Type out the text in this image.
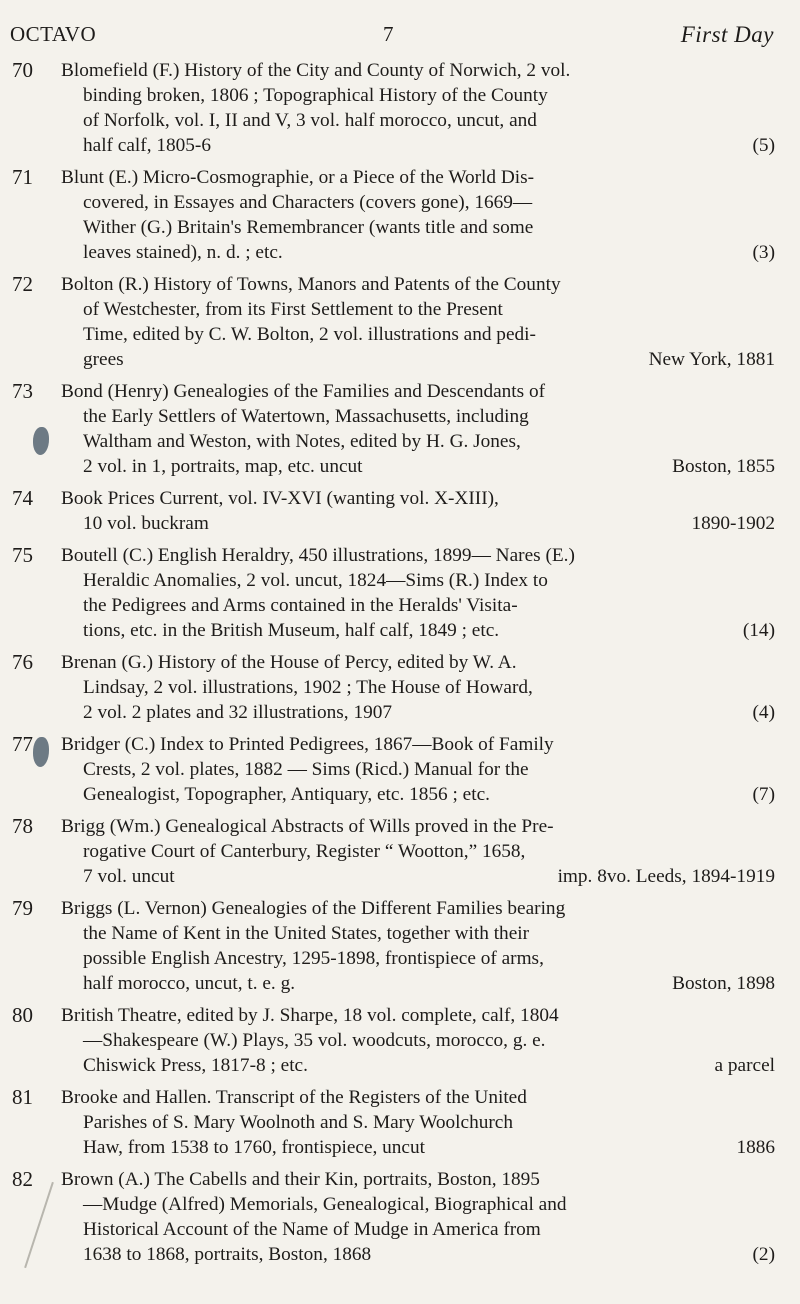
OCTAVO	7	First Day
70 Blomefield (F.) History of the City and County of Norwich, 2 vol.
binding broken, 1806 ; Topographical History of the County
of Norfolk, vol. I, II and V, 3 vol. half morocco, uncut, and
(5)
half calf, 1805-6
71 Blunt (E.) Micro-Cosmographie, or a Piece of the World Dis-
covered, in Essayes and Characters (covers gone), 1669—
Wither (G.) Britain's Remembrancer (wants title and some
(3)
leaves stained), n. d. ; etc.
72 Bolton (R.) History of Towns, Manors and Patents of the County
of Westchester, from its First Settlement to the Present
Time, edited by C. W. Bolton, 2 vol. illustrations and pedi-
New York, 1881
grees
73 Bond (Henry) Genealogies of the Families and Descendants of
the Early Settlers of Watertown, Massachusetts, including
Waltham and Weston, with Notes, edited by H. G. Jones,
Boston, 1855
2 vol. in 1, portraits, map, etc. uncut
74 Book Prices Current, vol. IV-XVI (wanting vol. X-XIII),
1890-1902
10 vol. buckram
75 Boutell (C.) English Heraldry, 450 illustrations, 1899— Nares (E.)
Heraldic Anomalies, 2 vol. uncut, 1824—Sims (R.) Index to
the Pedigrees and Arms contained in the Heralds' Visita-
(14)
tions, etc. in the British Museum, half calf, 1849 ; etc.
76 Brenan (G.) History of the House of Percy, edited by W. A.
Lindsay, 2 vol. illustrations, 1902 ; The House of Howard,
(4)
2 vol. 2 plates and 32 illustrations, 1907
77 Bridger (C.) Index to Printed Pedigrees, 1867—Book of Family
Crests, 2 vol. plates, 1882 — Sims (Ricd.) Manual for the
(7)
Genealogist, Topographer, Antiquary, etc. 1856 ; etc.
78 Brigg (Wm.) Genealogical Abstracts of Wills proved in the Pre-
rogative Court of Canterbury, Register “ Wootton,” 1658,
imp. 8vo. Leeds, 1894-1919
7 vol. uncut
79 Briggs (L. Vernon) Genealogies of the Different Families bearing
the Name of Kent in the United States, together with their
possible English Ancestry, 1295-1898, frontispiece of arms,
Boston, 1898
half morocco, uncut, t. e. g.
80 British Theatre, edited by J. Sharpe, 18 vol. complete, calf, 1804
—Shakespeare (W.) Plays, 35 vol. woodcuts, morocco, g. e.
a parcel
Chiswick Press, 1817-8 ; etc.
81 Brooke and Hallen. Transcript of the Registers of the United
Parishes of S. Mary Woolnoth and S. Mary Woolchurch
1886
Haw, from 1538 to 1760, frontispiece, uncut
82 Brown (A.) The Cabells and their Kin, portraits, Boston, 1895
—Mudge (Alfred) Memorials, Genealogical, Biographical and
Historical Account of the Name of Mudge in America from
(2)
1638 to 1868, portraits, Boston, 1868
